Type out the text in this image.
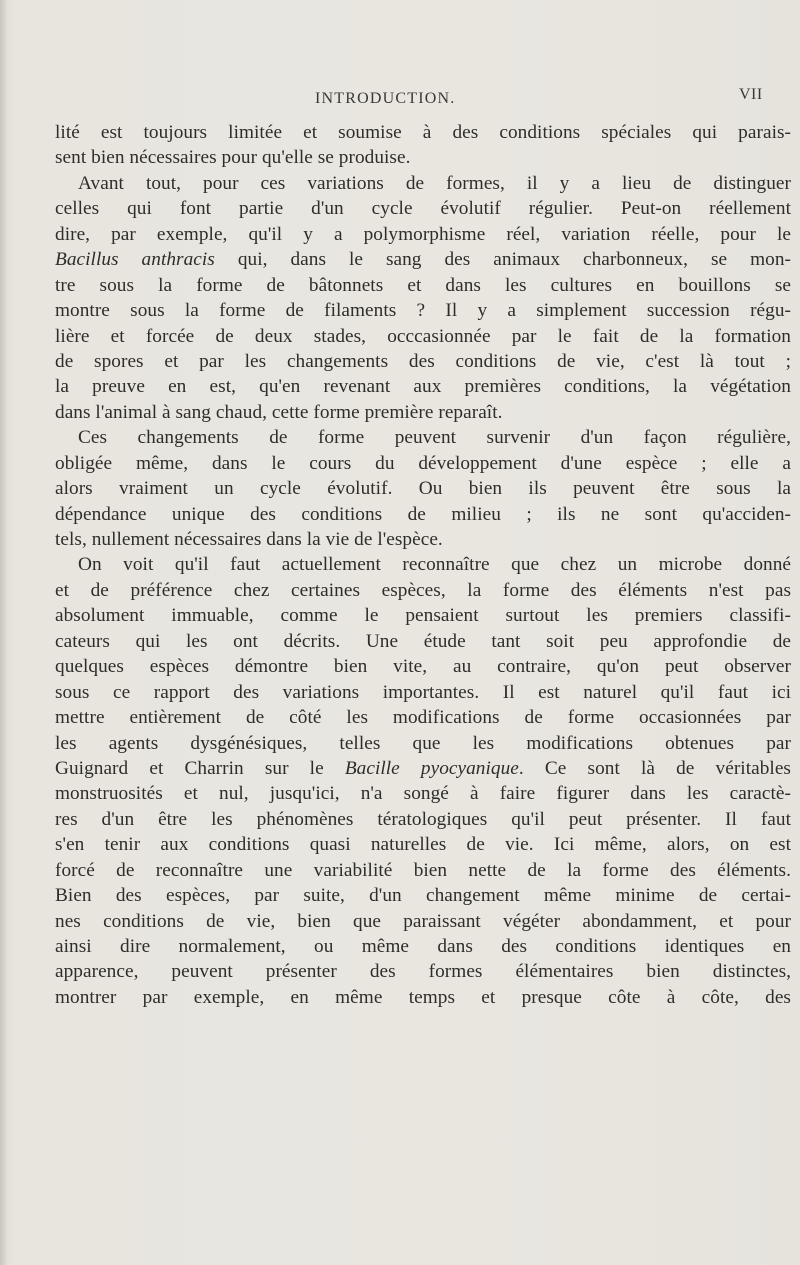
INTRODUCTION.	VII
lité est toujours limitée et soumise à des conditions spéciales qui parais-
sent bien nécessaires pour qu'elle se produise.
Avant tout, pour ces variations de formes, il y a lieu de distinguer
celles qui font partie d'un cycle évolutif régulier. Peut-on réellement
dire, par exemple, qu'il y a polymorphisme réel, variation réelle, pour le
Bacillus anthracis qui, dans le sang des animaux charbonneux, se mon-
tre sous la forme de bâtonnets et dans les cultures en bouillons se
montre sous la forme de filaments ? Il y a simplement succession régu-
lière et forcée de deux stades, occcasionnée par le fait de la formation
de spores et par les changements des conditions de vie, c'est là tout ;
la preuve en est, qu'en revenant aux premières conditions, la végétation
dans l'animal à sang chaud, cette forme première reparaît.
Ces changements de forme peuvent survenir d'un façon régulière,
obligée même, dans le cours du développement d'une espèce ; elle a
alors vraiment un cycle évolutif. Ou bien ils peuvent être sous la
dépendance unique des conditions de milieu ; ils ne sont qu'acciden-
tels, nullement nécessaires dans la vie de l'espèce.
On voit qu'il faut actuellement reconnaître que chez un microbe donné
et de préférence chez certaines espèces, la forme des éléments n'est pas
absolument immuable, comme le pensaient surtout les premiers classifi-
cateurs qui les ont décrits. Une étude tant soit peu approfondie de
quelques espèces démontre bien vite, au contraire, qu'on peut observer
sous ce rapport des variations importantes. Il est naturel qu'il faut ici
mettre entièrement de côté les modifications de forme occasionnées par
les agents dysgénésiques, telles que les modifications obtenues par
Guignard et Charrin sur le Bacille pyocyanique. Ce sont là de véritables
monstruosités et nul, jusqu'ici, n'a songé à faire figurer dans les caractè-
res d'un être les phénomènes tératologiques qu'il peut présenter. Il faut
s'en tenir aux conditions quasi naturelles de vie. Ici même, alors, on est
forcé de reconnaître une variabilité bien nette de la forme des éléments.
Bien des espèces, par suite, d'un changement même minime de certai-
nes conditions de vie, bien que paraissant végéter abondamment, et pour
ainsi dire normalement, ou même dans des conditions identiques en
apparence, peuvent présenter des formes élémentaires bien distinctes,
montrer par exemple, en même temps et presque côte à côte, des
